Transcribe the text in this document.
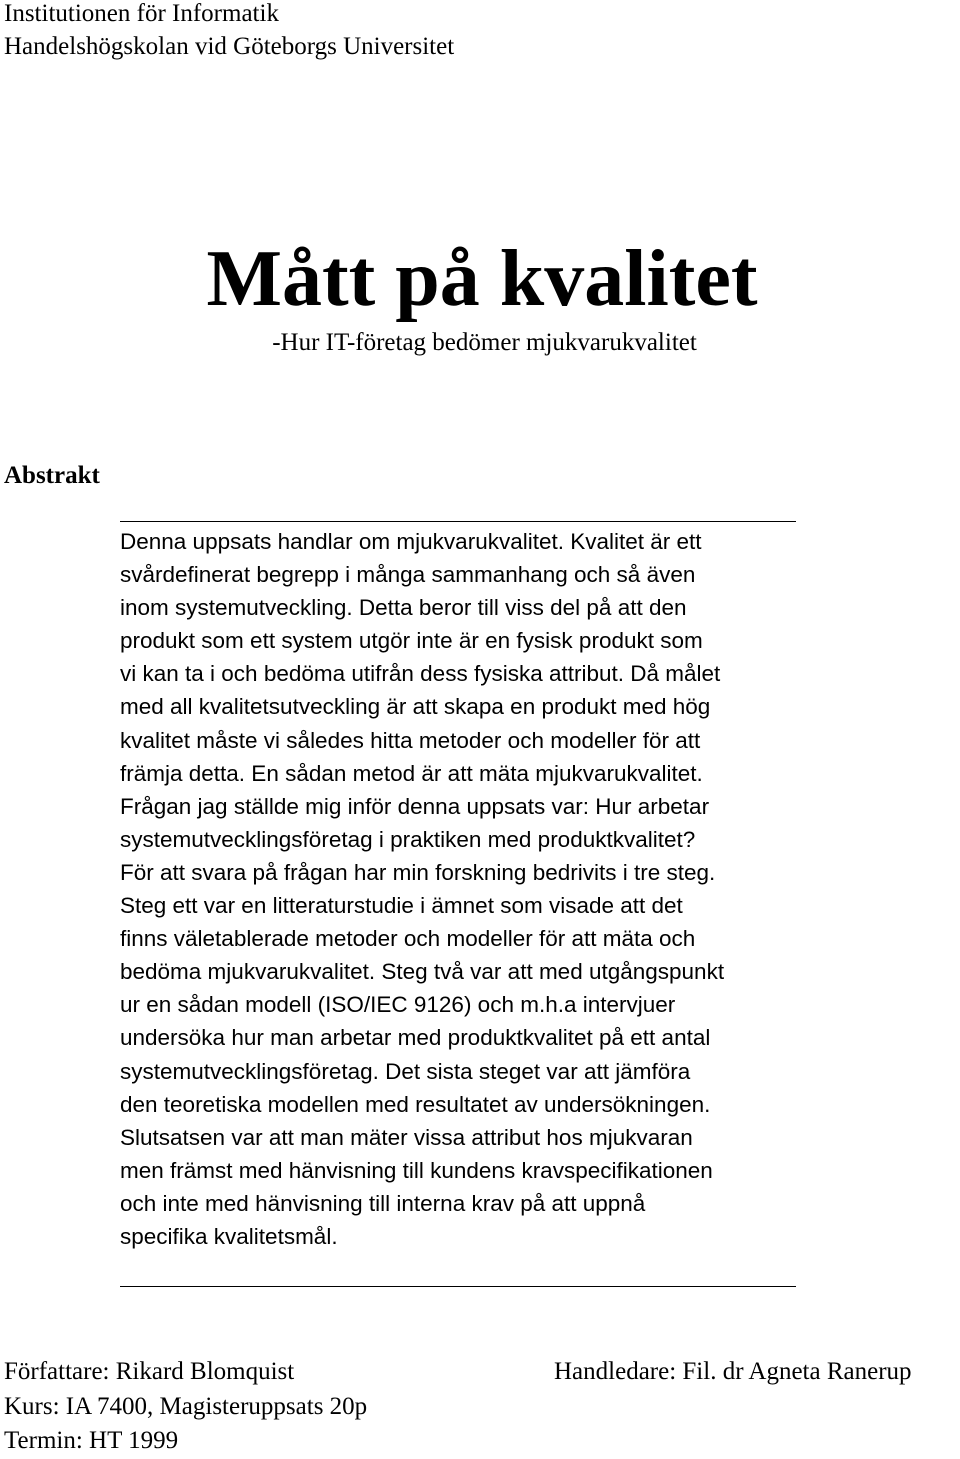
Institutionen för Informatik
Handelshögskolan vid Göteborgs Universitet
Mått på kvalitet
-Hur IT-företag bedömer mjukvarukvalitet
Abstrakt
Denna uppsats handlar om mjukvarukvalitet. Kvalitet är ett
svårdefinerat begrepp i många sammanhang och så även
inom systemutveckling. Detta beror till viss del på att den
produkt som ett system utgör inte är en fysisk produkt som
vi kan ta i och bedöma utifrån dess fysiska attribut. Då målet
med all kvalitetsutveckling är att skapa en produkt med hög
kvalitet måste vi således hitta metoder och modeller för att
främja detta. En sådan metod är att mäta mjukvarukvalitet.
Frågan jag ställde mig inför denna uppsats var: Hur arbetar
systemutvecklingsföretag i praktiken med produktkvalitet?
För att svara på frågan har min forskning bedrivits i tre steg.
Steg ett var en litteraturstudie i ämnet som visade att det
finns väletablerade metoder och modeller för att mäta och
bedöma mjukvarukvalitet. Steg två var att med utgångspunkt
ur en sådan modell (ISO/IEC 9126) och m.h.a intervjuer
undersöka hur man arbetar med produktkvalitet på ett antal
systemutvecklingsföretag. Det sista steget var att jämföra
den teoretiska modellen med resultatet av undersökningen.
Slutsatsen var att man mäter vissa attribut hos mjukvaran
men främst med hänvisning till kundens kravspecifikationen
och inte med hänvisning till interna krav på att uppnå
specifika kvalitetsmål.
Författare: Rikard Blomquist
Kurs: IA 7400, Magisteruppsats 20p
Termin: HT 1999
Handledare: Fil. dr Agneta Ranerup
